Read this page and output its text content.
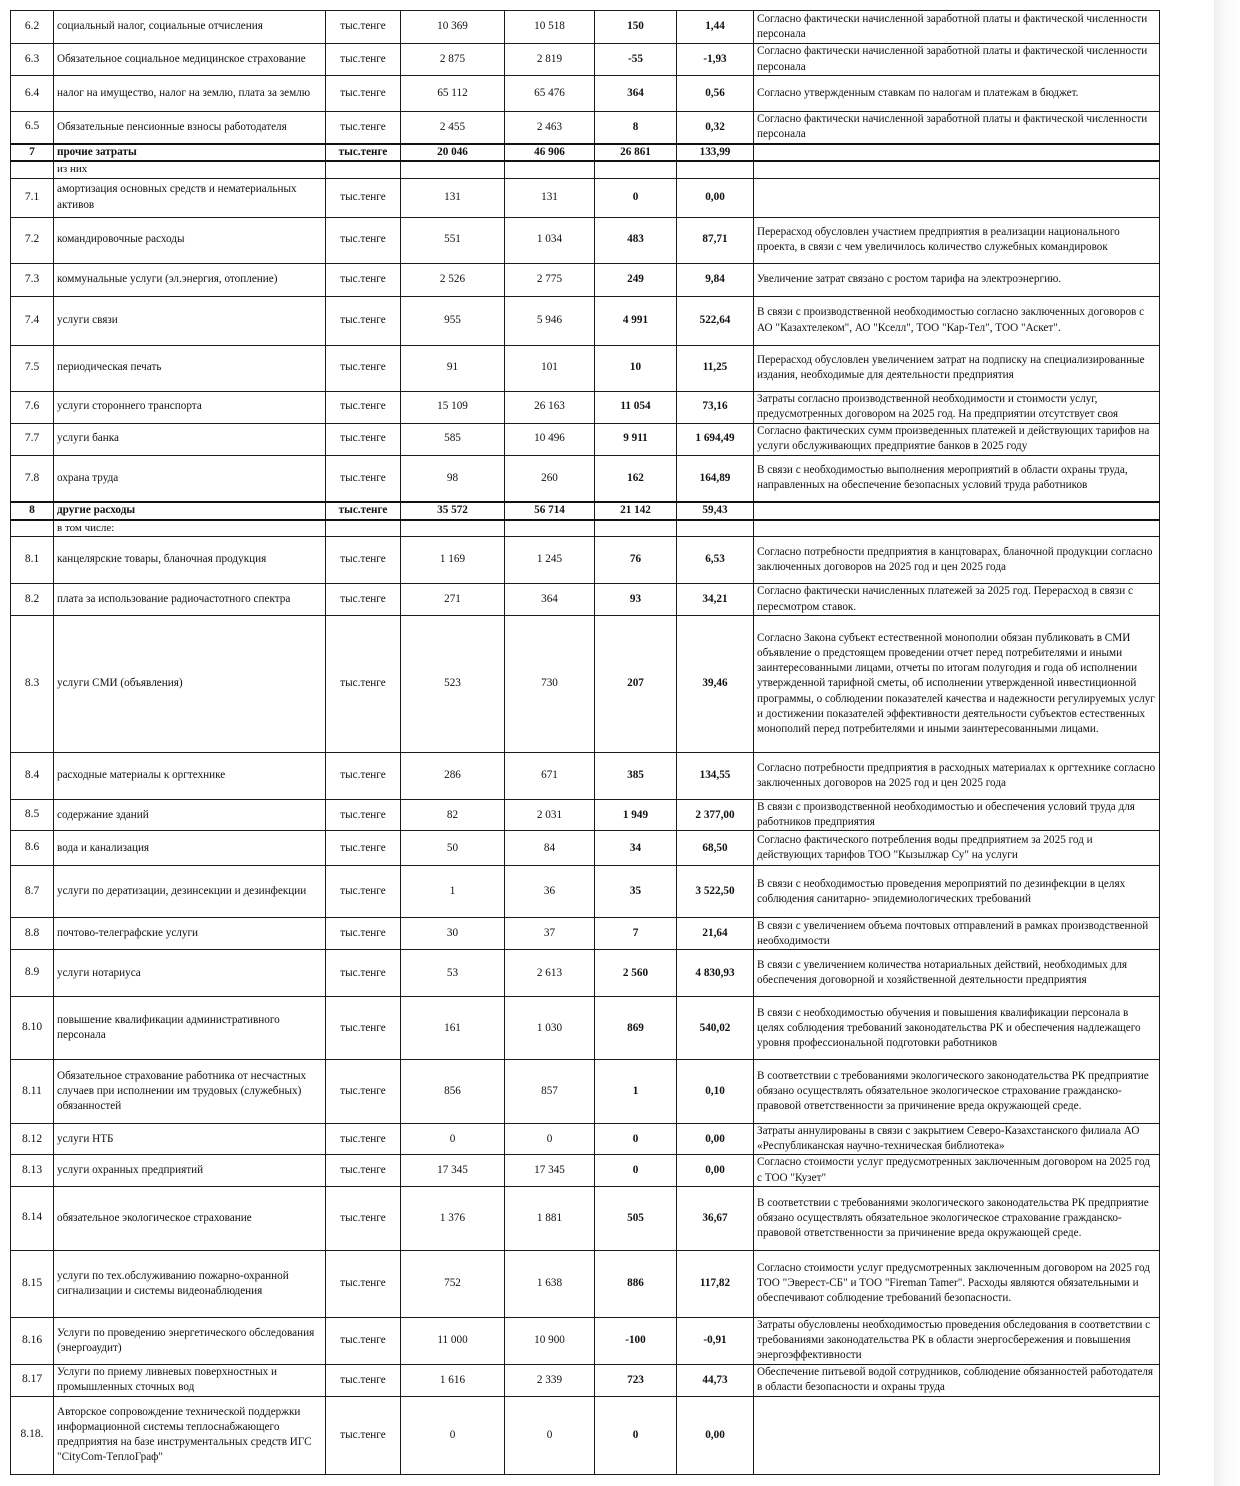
6.2	социальный налог, социальные отчисления	тыс.тенге	10 369	10 518	150	1,44	Согласно фактически начисленной заработной платы и фактической численности персонала
6.3	Обязательное социальное медицинское страхование	тыс.тенге	2 875	2 819	-55	-1,93	Согласно фактически начисленной заработной платы и фактической численности персонала
6.4	налог на имущество, налог на землю, плата за землю	тыс.тенге	65 112	65 476	364	0,56	Согласно утвержденным ставкам по налогам и платежам в бюджет.
6.5	Обязательные пенсионные взносы работодателя	тыс.тенге	2 455	2 463	8	0,32	Согласно фактически начисленной заработной платы и фактической численности персонала
7	прочие затраты	тыс.тенге	20 046	46 906	26 861	133,99	
	из них						
7.1	амортизация основных средств и нематериальных активов	тыс.тенге	131	131	0	0,00	
7.2	командировочные расходы	тыс.тенге	551	1 034	483	87,71	Перерасход обусловлен участием предприятия в реализации национального проекта, в связи с чем увеличилось количество служебных командировок
7.3	коммунальные услуги (эл.энергия, отопление)	тыс.тенге	2 526	2 775	249	9,84	Увеличение затрат связано с ростом тарифа на электроэнергию.
7.4	услуги связи	тыс.тенге	955	5 946	4 991	522,64	В связи с производственной необходимостью согласно заключенных договоров с АО "Казахтелеком", АО "Кселл", ТОО "Кар-Тел", ТОО "Аскет".
7.5	периодическая печать	тыс.тенге	91	101	10	11,25	Перерасход обусловлен увеличением затрат на подписку на специализированные издания, необходимые для деятельности предприятия
7.6	услуги стороннего транспорта	тыс.тенге	15 109	26 163	11 054	73,16	Затраты согласно производственной необходимости и стоимости услуг, предусмотренных договором на 2025 год. На предприятии отсутствует своя
7.7	услуги банка	тыс.тенге	585	10 496	9 911	1 694,49	Согласно фактических сумм произведенных платежей и действующих тарифов на услуги обслуживающих предприятие банков в 2025 году
7.8	охрана труда	тыс.тенге	98	260	162	164,89	В связи с необходимостью выполнения мероприятий в области охраны труда, направленных на обеспечение безопасных условий труда работников
8	другие расходы	тыс.тенге	35 572	56 714	21 142	59,43	
	в том числе:						
8.1	канцелярские товары, бланочная продукция	тыс.тенге	1 169	1 245	76	6,53	Согласно потребности предприятия в канцтоварах, бланочной продукции согласно заключенных договоров на 2025 год и цен 2025 года
8.2	плата за использование радиочастотного спектра	тыс.тенге	271	364	93	34,21	Согласно фактически начисленных платежей за 2025 год. Перерасход в связи с пересмотром ставок.
8.3	услуги СМИ (объявления)	тыс.тенге	523	730	207	39,46	Согласно Закона субъект естественной монополии обязан публиковать в СМИ объявление о предстоящем проведении отчет перед потребителями и иными заинтересованными лицами, отчеты по итогам полугодия и года об исполнении утвержденной тарифной сметы, об исполнении утвержденной инвестиционной программы, о соблюдении показателей качества и надежности регулируемых услуг и достижении показателей эффективности деятельности субъектов естественных монополий перед потребителями и иными заинтересованными лицами.
8.4	расходные материалы к оргтехнике	тыс.тенге	286	671	385	134,55	Согласно потребности предприятия в расходных материалах к оргтехнике согласно заключенных договоров на 2025 год и цен 2025 года
8.5	содержание зданий	тыс.тенге	82	2 031	1 949	2 377,00	В связи с производственной необходимостью и обеспечения условий труда для работников предприятия
8.6	вода и канализация	тыс.тенге	50	84	34	68,50	Согласно фактического потребления воды предприятием за 2025 год и действующих тарифов ТОО "Кызылжар Су" на услуги
8.7	услуги по дератизации, дезинсекции и дезинфекции	тыс.тенге	1	36	35	3 522,50	В связи с необходимостью проведения мероприятий по дезинфекции в целях соблюдения санитарно- эпидемиологических требований
8.8	почтово-телеграфские услуги	тыс.тенге	30	37	7	21,64	В связи с увеличением объема почтовых отправлений в рамках производственной необходимости
8.9	услуги нотариуса	тыс.тенге	53	2 613	2 560	4 830,93	В связи с увеличением количества нотариальных действий, необходимых для обеспечения договорной и хозяйственной деятельности предприятия
8.10	повышение квалификации административного персонала	тыс.тенге	161	1 030	869	540,02	В связи с необходимостью обучения и повышения квалификации персонала в целях соблюдения требований законодательства РК и обеспечения надлежащего уровня профессиональной подготовки работников
8.11	Обязательное страхование работника от несчастных случаев при исполнении им трудовых (служебных) обязанностей	тыс.тенге	856	857	1	0,10	В соответствии с требованиями экологического законодательства РК предприятие обязано осуществлять обязательное экологическое страхование гражданско- правовой ответственности за причинение вреда окружающей среде.
8.12	услуги НТБ	тыс.тенге	0	0	0	0,00	Затраты аннулированы в связи с закрытием Северо-Казахстанского филиала АО «Республиканская научно-техническая библиотека»
8.13	услуги охранных предприятий	тыс.тенге	17 345	17 345	0	0,00	Согласно стоимости услуг предусмотренных заключенным договором на 2025 год с ТОО "Кузет"
8.14	обязательное экологическое страхование	тыс.тенге	1 376	1 881	505	36,67	В соответствии с требованиями экологического законодательства РК предприятие обязано осуществлять обязательное экологическое страхование гражданско- правовой ответственности за причинение вреда окружающей среде.
8.15	услуги по тех.обслуживанию пожарно-охранной сигнализации и системы видеонаблюдения	тыс.тенге	752	1 638	886	117,82	Согласно стоимости услуг предусмотренных заключенным договором на 2025 год ТОО "Эверест-СБ" и ТОО "Fireman Tamer". Расходы являются обязательными и обеспечивают соблюдение требований безопасности.
8.16	Услуги по проведению энергетического обследования (энергоаудит)	тыс.тенге	11 000	10 900	-100	-0,91	Затраты обусловлены необходимостью проведения обследования в соответствии с требованиями законодательства РК в области энергосбережения и повышения энергоэффективности
8.17	Услуги по приему ливневых поверхностных и промышленных сточных вод	тыс.тенге	1 616	2 339	723	44,73	Обеспечение питьевой водой сотрудников, соблюдение обязанностей работодателя в области безопасности и охраны труда
8.18.	Авторское сопровождение технической поддержки информационной системы теплоснабжающего предприятия на базе инструментальных средств ИГС "CityCom-ТеплоГраф"	тыс.тенге	0	0	0	0,00	
